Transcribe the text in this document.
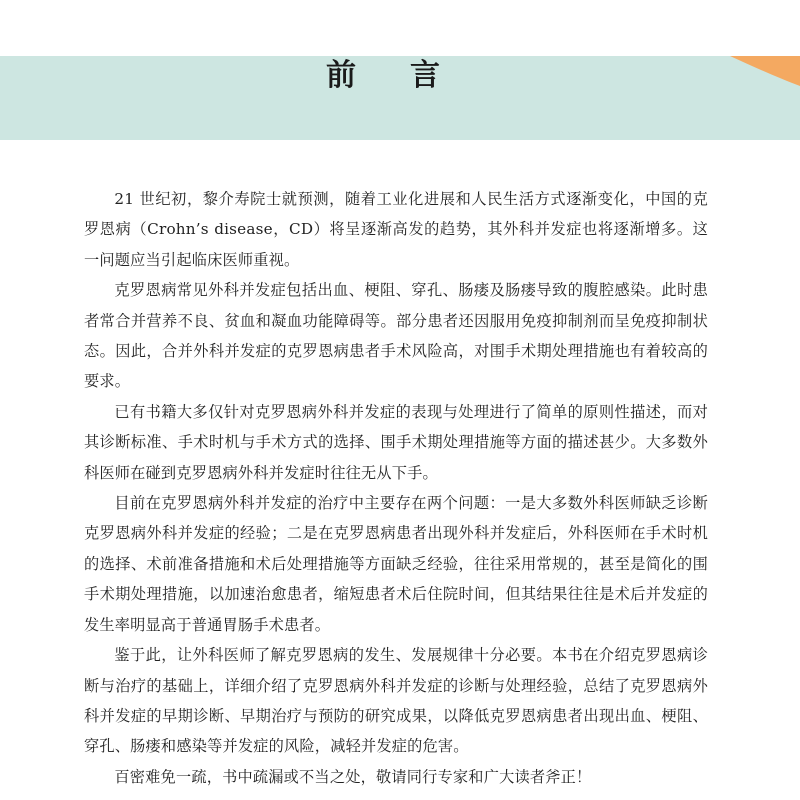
前言

21 世纪初，黎介寿院士就预测，随着工业化进展和人民生活方式逐渐变化，中国的克罗恩病（Crohn’s disease，CD）将呈逐渐高发的趋势，其外科并发症也将逐渐增多。这一问题应当引起临床医师重视。

克罗恩病常见外科并发症包括出血、梗阻、穿孔、肠瘘及肠瘘导致的腹腔感染。此时患者常合并营养不良、贫血和凝血功能障碍等。部分患者还因服用免疫抑制剂而呈免疫抑制状态。因此，合并外科并发症的克罗恩病患者手术风险高，对围手术期处理措施也有着较高的要求。

已有书籍大多仅针对克罗恩病外科并发症的表现与处理进行了简单的原则性描述，而对其诊断标准、手术时机与手术方式的选择、围手术期处理措施等方面的描述甚少。大多数外科医师在碰到克罗恩病外科并发症时往往无从下手。

目前在克罗恩病外科并发症的治疗中主要存在两个问题：一是大多数外科医师缺乏诊断克罗恩病外科并发症的经验；二是在克罗恩病患者出现外科并发症后，外科医师在手术时机的选择、术前准备措施和术后处理措施等方面缺乏经验，往往采用常规的，甚至是简化的围手术期处理措施，以加速治愈患者，缩短患者术后住院时间，但其结果往往是术后并发症的发生率明显高于普通胃肠手术患者。

鉴于此，让外科医师了解克罗恩病的发生、发展规律十分必要。本书在介绍克罗恩病诊断与治疗的基础上，详细介绍了克罗恩病外科并发症的诊断与处理经验，总结了克罗恩病外科并发症的早期诊断、早期治疗与预防的研究成果，以降低克罗恩病患者出现出血、梗阻、穿孔、肠瘘和感染等并发症的风险，减轻并发症的危害。

百密难免一疏，书中疏漏或不当之处，敬请同行专家和广大读者斧正！
